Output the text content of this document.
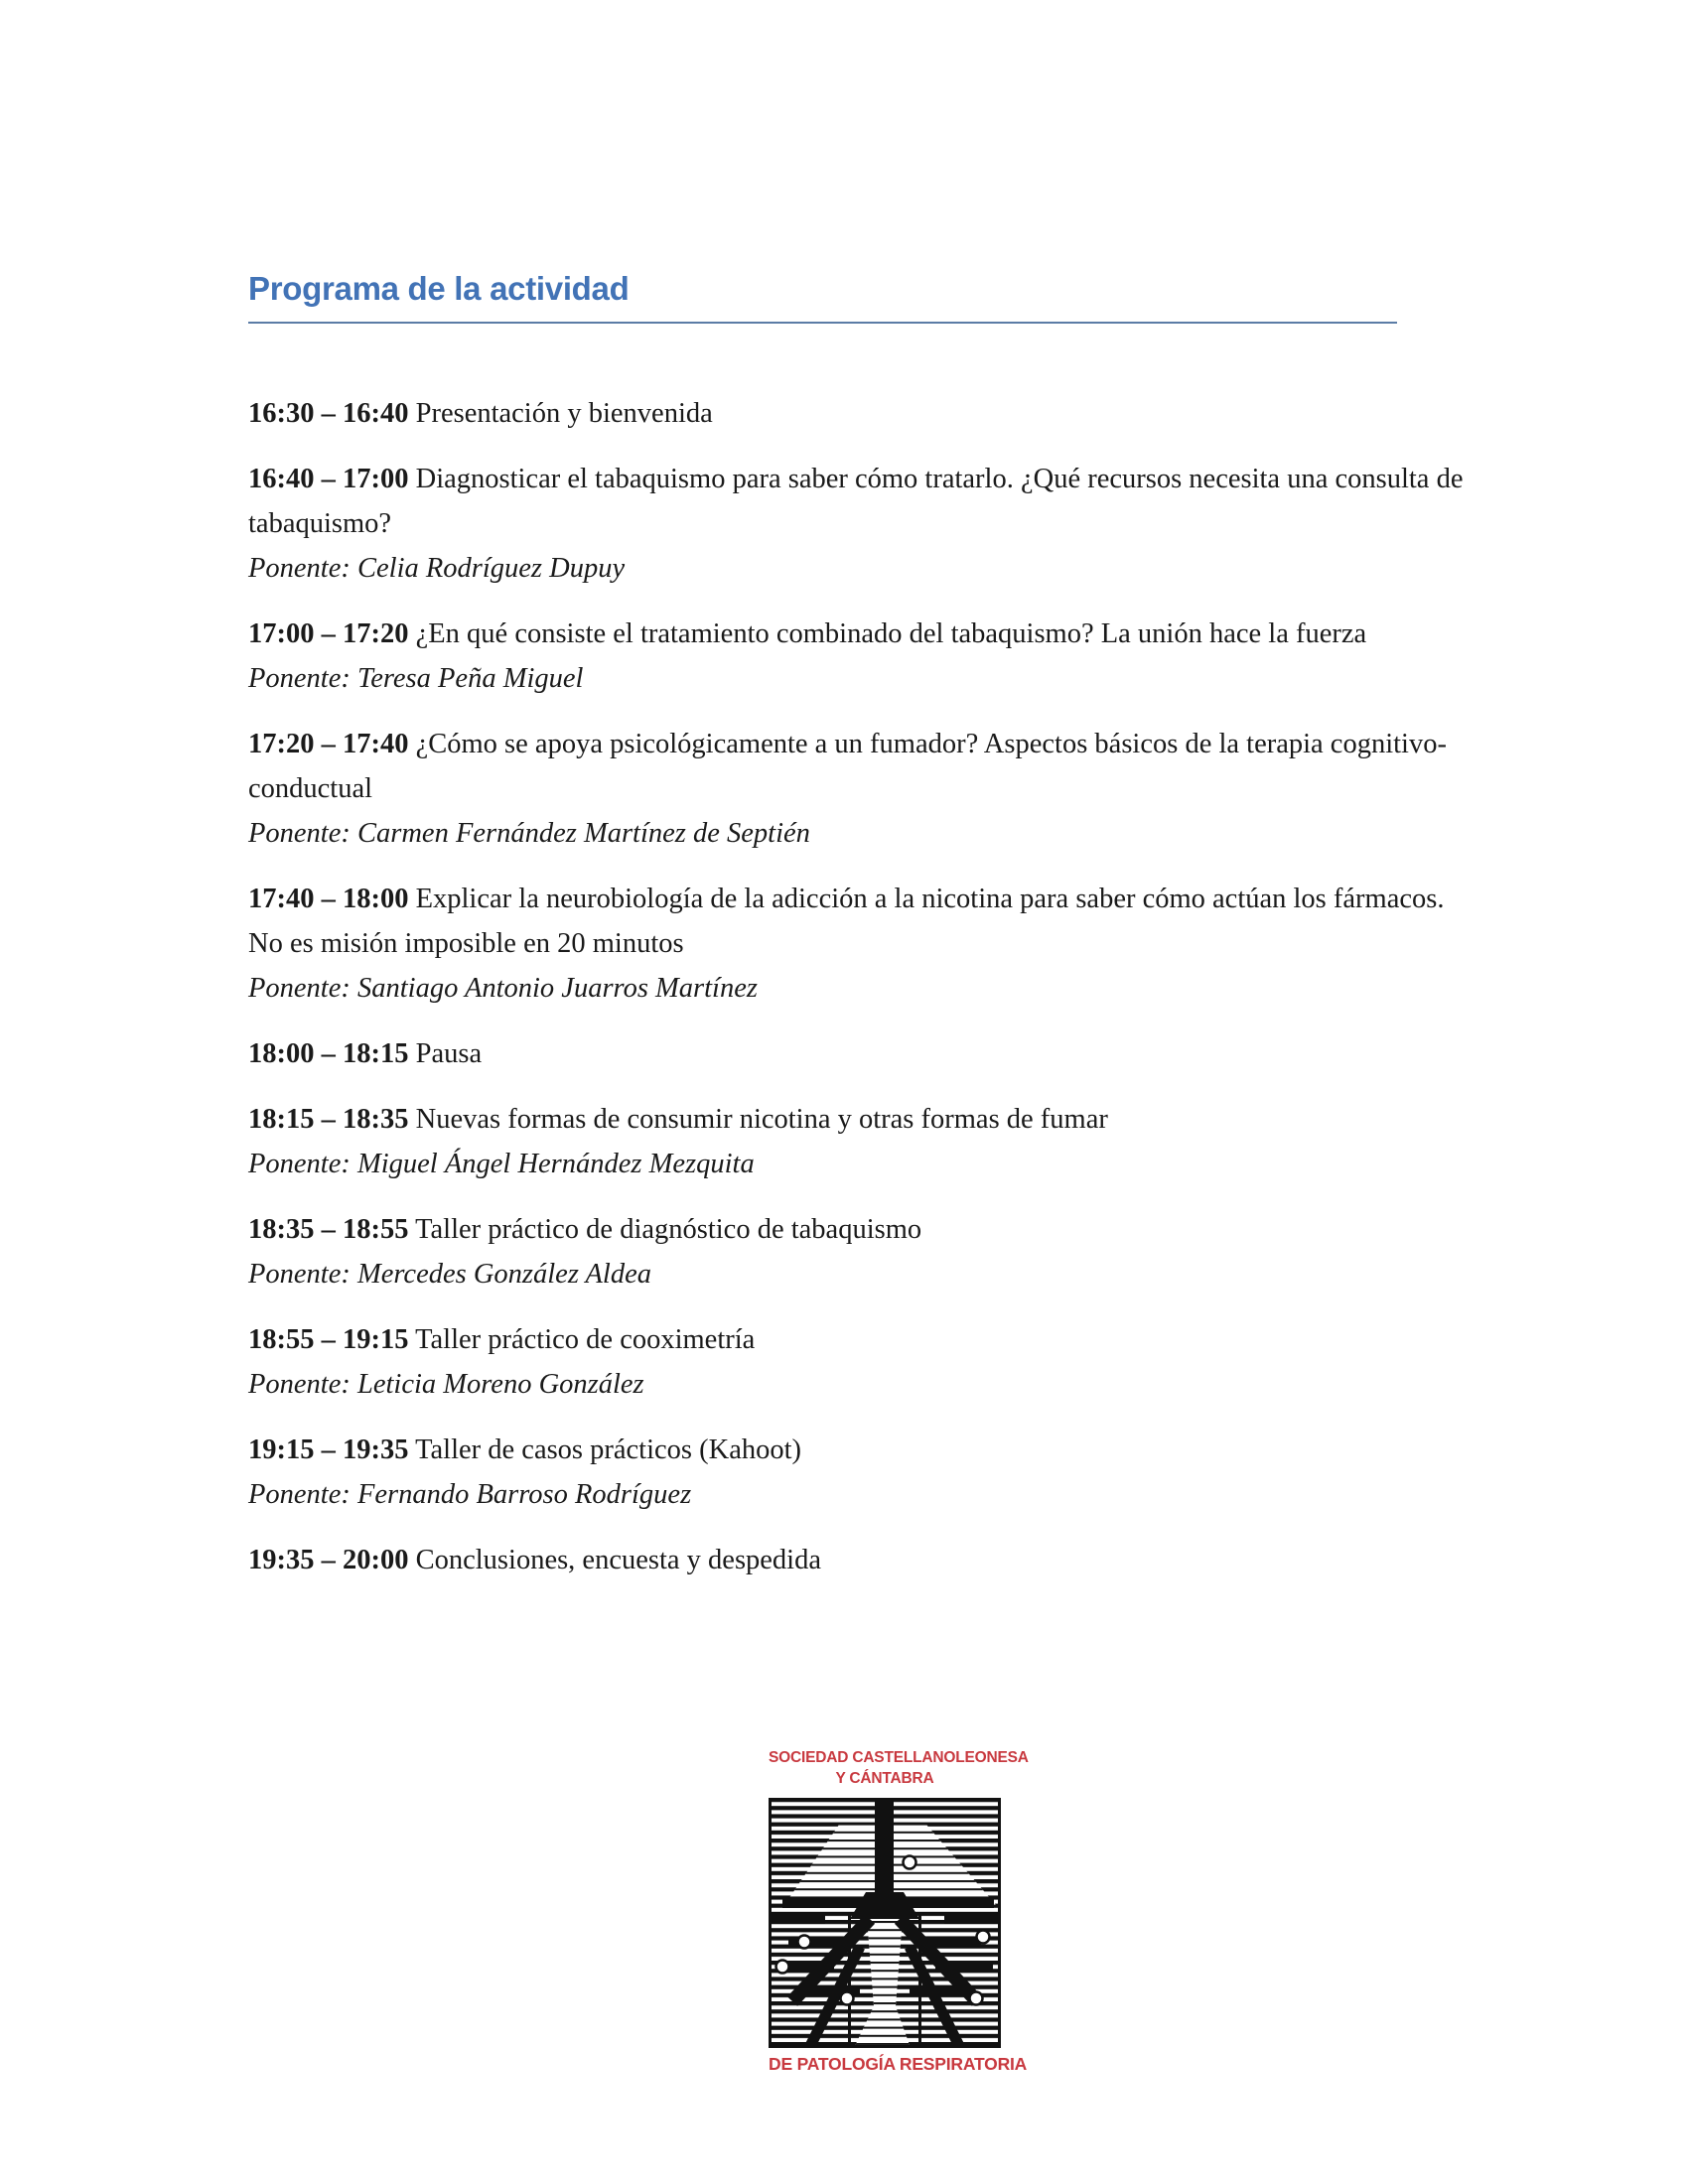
Programa de la actividad

16:30 – 16:40 Presentación y bienvenida

16:40 – 17:00 Diagnosticar el tabaquismo para saber cómo tratarlo. ¿Qué recursos necesita una consulta de tabaquismo?
Ponente: Celia Rodríguez Dupuy

17:00 – 17:20 ¿En qué consiste el tratamiento combinado del tabaquismo? La unión hace la fuerza
Ponente: Teresa Peña Miguel

17:20 – 17:40 ¿Cómo se apoya psicológicamente a un fumador? Aspectos básicos de la terapia cognitivo-conductual
Ponente: Carmen Fernández Martínez de Septién

17:40 – 18:00 Explicar la neurobiología de la adicción a la nicotina para saber cómo actúan los fármacos. No es misión imposible en 20 minutos
Ponente: Santiago Antonio Juarros Martínez

18:00 – 18:15 Pausa

18:15 – 18:35 Nuevas formas de consumir nicotina y otras formas de fumar
Ponente: Miguel Ángel Hernández Mezquita

18:35 – 18:55 Taller práctico de diagnóstico de tabaquismo
Ponente: Mercedes González Aldea

18:55 – 19:15 Taller práctico de cooximetría
Ponente: Leticia Moreno González

19:15 – 19:35 Taller de casos prácticos (Kahoot)
Ponente: Fernando Barroso Rodríguez

19:35 – 20:00 Conclusiones, encuesta y despedida

SOCIEDAD CASTELLANOLEONESA
Y CÁNTABRA
DE PATOLOGÍA RESPIRATORIA
